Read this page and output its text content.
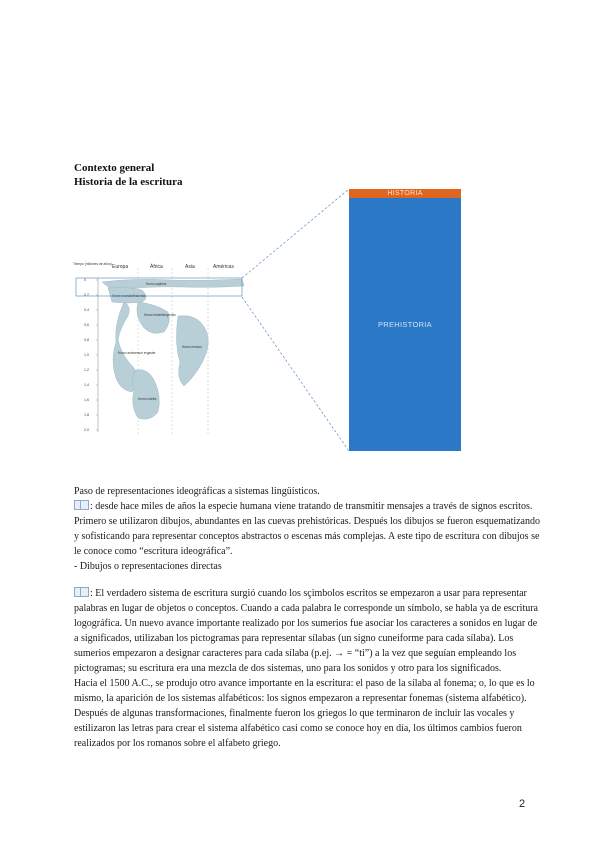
Contexto general
Historia de la escritura
Tiempo (millones de años) Europa	África	Asia	Américas
0
0,2
0,4
0,6
0,8
1,0
1,2
1,4
1,6
1,8
2,0
Homo sapiens
Homo neanderthalensis
Homo heidelbergensis
Homo antecessor ergaster
Homo erectus
Homo habilis
HISTORIA
PREHISTORIA

Paso de representaciones ideográficas a sistemas lingüísticos.

: desde hace miles de años la especie humana viene tratando de transmitir mensajes a través de signos escritos. Primero se utilizaron dibujos, abundantes en las cuevas prehistóricas. Después los dibujos se fueron esquematizando y sofisticando para representar conceptos abstractos o escenas más complejas. A este tipo de escritura con dibujos se le conoce como “escritura ideográfica”.

- Dibujos o representaciones directas

: El verdadero sistema de escritura surgió cuando los sçimbolos escritos se empezaron a usar para representar palabras en lugar de objetos o conceptos. Cuando a cada palabra le corresponde un símbolo, se habla ya de escritura logográfica. Un nuevo avance importante realizado por los sumerios fue asociar los caracteres a sonidos en lugar de a significados, utilizaban los pictogramas para representar sílabas (un signo cuneiforme para cada sílaba). Los sumerios empezaron a designar caracteres para cada sílaba (p.ej. → = “ti”) a la vez que seguían empleando los pictogramas; su escritura era una mezcla de dos sistemas, uno para los sonidos y otro para los significados.

Hacia el 1500 A.C., se produjo otro avance importante en la escritura: el paso de la sílaba al fonema; o, lo que es lo mismo, la aparición de los sistemas alfabéticos: los signos empezaron a representar fonemas (sistema alfabético).

Después de algunas transformaciones, finalmente fueron los griegos lo que terminaron de incluir las vocales y estilizaron las letras para crear el sistema alfabético casi como se conoce hoy en día, los últimos cambios fueron realizados por los romanos sobre el alfabeto griego.

2
